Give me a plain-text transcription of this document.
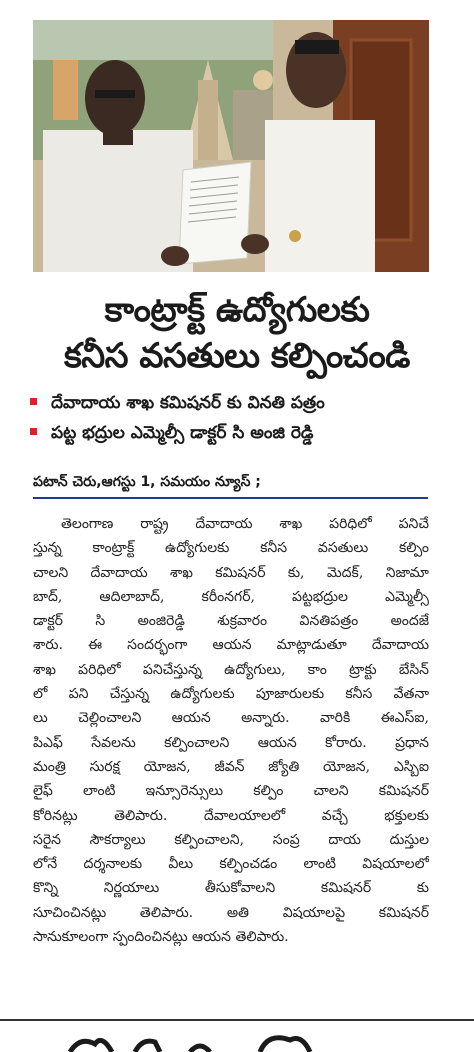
కాంట్రాక్ట్ ఉద్యోగులకు
కనీస వసతులు కల్పించండి
దేవాదాయ శాఖ కమిషనర్ కు వినతి పత్రం
పట్ట భద్రుల ఎమ్మెల్సీ డాక్టర్ సి అంజి రెడ్డి
పటాన్ చెరు,ఆగస్టు 1, సమయం న్యూస్ ;
తెలంగాణ రాష్ట్ర దేవాదాయ శాఖ పరిధిలో పనిచే
స్తున్న కాంట్రాక్ట్ ఉద్యోగులకు కనీస వసతులు కల్పిం
చాలని దేవాదాయ శాఖ కమిషనర్ కు, మెదక్, నిజామా
బాద్, ఆదిలాబాద్, కరీంనగర్, పట్టభద్రుల ఎమ్మెల్సీ
డాక్టర్ సి అంజిరెడ్డి శుక్రవారం వినతిపత్రం అందజే
శారు. ఈ సందర్భంగా ఆయన మాట్లాడుతూ దేవాదాయ
శాఖ పరిధిలో పనిచేస్తున్న ఉద్యోగులు, కాం ట్రాక్టు బేసిన్
లో పని చేస్తున్న ఉద్యోగులకు పూజారులకు కనీస వేతనా
లు చెల్లించాలని ఆయన అన్నారు. వారికి ఈఎస్ఐ,
పిఎఫ్ సేవలను కల్పించాలని ఆయన కోరారు. ప్రధాన
మంత్రి సురక్ష యోజన, జీవన్ జ్యోతి యోజన, ఎస్బిఐ
లైఫ్ లాంటి ఇన్సూరెన్సులు కల్పిం చాలని కమిషనర్
కోరినట్లు తెలిపారు. దేవాలయాలలో వచ్చే భక్తులకు
సరైన సౌకర్యాలు కల్పించాలని, సంప్ర దాయ దుస్తుల
లోనే దర్శనాలకు వీలు కల్పించడం లాంటి విషయాలలో
కొన్ని నిర్ణయాలు తీసుకోవాలని కమిషనర్ కు
సూచించినట్లు తెలిపారు. అతి విషయాలపై కమిషనర్
సానుకూలంగా స్పందించినట్లు ఆయన తెలిపారు.
